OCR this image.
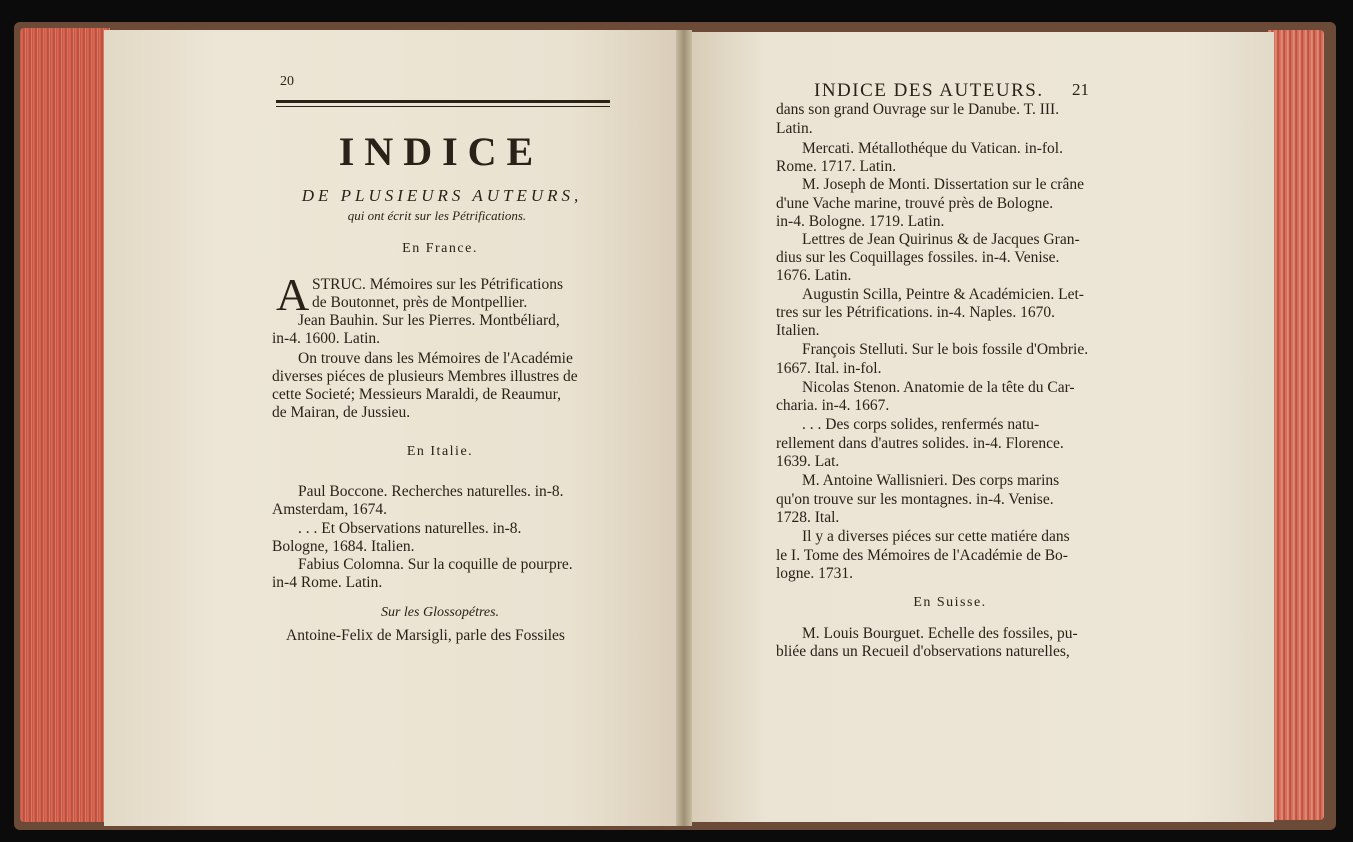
20
INDICE
DE PLUSIEURS AUTEURS,
qui ont écrit sur les Pétrifications.
En France.
A STRUC. Mémoires sur les Pétrifications
de Boutonnet, près de Montpellier.
Jean Bauhin. Sur les Pierres. Montbéliard,
in-4. 1600. Latin.
On trouve dans les Mémoires de l'Académie
diverses piéces de plusieurs Membres illustres de
cette Societé; Messieurs Maraldi, de Reaumur,
de Mairan, de Jussieu.
En Italie.
Paul Boccone. Recherches naturelles. in-8.
Amsterdam, 1674.
. . . Et Observations naturelles. in-8.
Bologne, 1684. Italien.
Fabius Colomna. Sur la coquille de pourpre.
in-4 Rome. Latin.
Sur les Glossopétres.
Antoine-Felix de Marsigli, parle des Fossiles
INDICE DES AUTEURS. 21
dans son grand Ouvrage sur le Danube. T. III.
Latin.
Mercati. Métallothéque du Vatican. in-fol.
Rome. 1717. Latin.
M. Joseph de Monti. Dissertation sur le crâne
d'une Vache marine, trouvé près de Bologne.
in-4. Bologne. 1719. Latin.
Lettres de Jean Quirinus & de Jacques Gran-
dius sur les Coquillages fossiles. in-4. Venise.
1676. Latin.
Augustin Scilla, Peintre & Académicien. Let-
tres sur les Pétrifications. in-4. Naples. 1670.
Italien.
François Stelluti. Sur le bois fossile d'Ombrie.
1667. Ital. in-fol.
Nicolas Stenon. Anatomie de la tête du Car-
charia. in-4. 1667.
. . . Des corps solides, renfermés natu-
rellement dans d'autres solides. in-4. Florence.
1639. Lat.
M. Antoine Wallisnieri. Des corps marins
qu'on trouve sur les montagnes. in-4. Venise.
1728. Ital.
Il y a diverses piéces sur cette matiére dans
le I. Tome des Mémoires de l'Académie de Bo-
logne. 1731.
En Suisse.
M. Louis Bourguet. Echelle des fossiles, pu-
bliée dans un Recueil d'observations naturelles,
